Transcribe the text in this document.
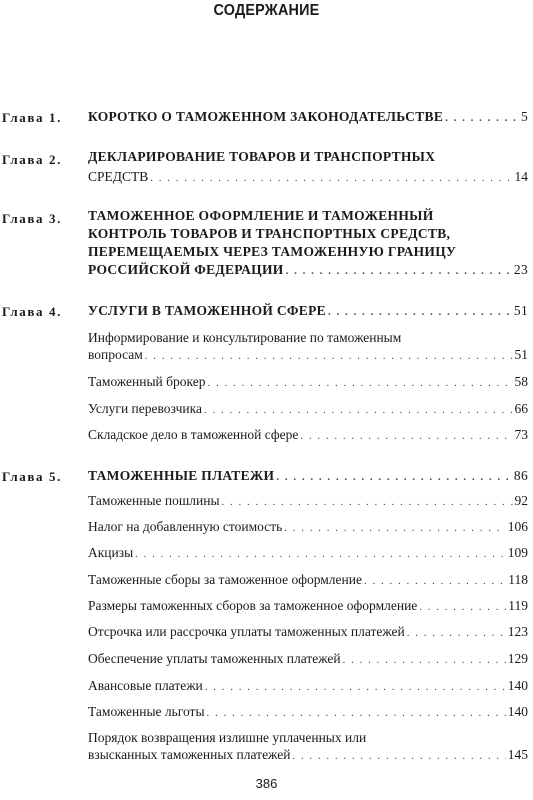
СОДЕРЖАНИЕ
Глава 1. КОРОТКО О ТАМОЖЕННОМ ЗАКОНОДАТЕЛЬСТВЕ . . .	5
Глава 2. ДЕКЛАРИРОВАНИЕ ТОВАРОВ И ТРАНСПОРТНЫХ
СРЕДСТВ . . .	14
Глава 3. ТАМОЖЕННОЕ ОФОРМЛЕНИЕ И ТАМОЖЕННЫЙ
КОНТРОЛЬ ТОВАРОВ И ТРАНСПОРТНЫХ СРЕДСТВ,
ПЕРЕМЕЩАЕМЫХ ЧЕРЕЗ ТАМОЖЕННУЮ ГРАНИЦУ
РОССИЙСКОЙ ФЕДЕРАЦИИ . . .	23
Глава 4. УСЛУГИ В ТАМОЖЕННОЙ СФЕРЕ . . .	51
Информирование и консультирование по таможенным
вопросам . . .	51
Таможенный брокер . . .	58
Услуги перевозчика . . .	66
Складское дело в таможенной сфере . . .	73
Глава 5. ТАМОЖЕННЫЕ ПЛАТЕЖИ . . .	86
Таможенные пошлины . . .	92
Налог на добавленную стоимость . . .	106
Акцизы . . .	109
Таможенные сборы за таможенное оформление . . .	118
Размеры таможенных сборов за таможенное оформление . . .	119
Отсрочка или рассрочка уплаты таможенных платежей . . .	123
Обеспечение уплаты таможенных платежей . . .	129
Авансовые платежи . . .	140
Таможенные льготы . . .	140
Порядок возвращения излишне уплаченных или
взысканных таможенных платежей . . .	145
386
